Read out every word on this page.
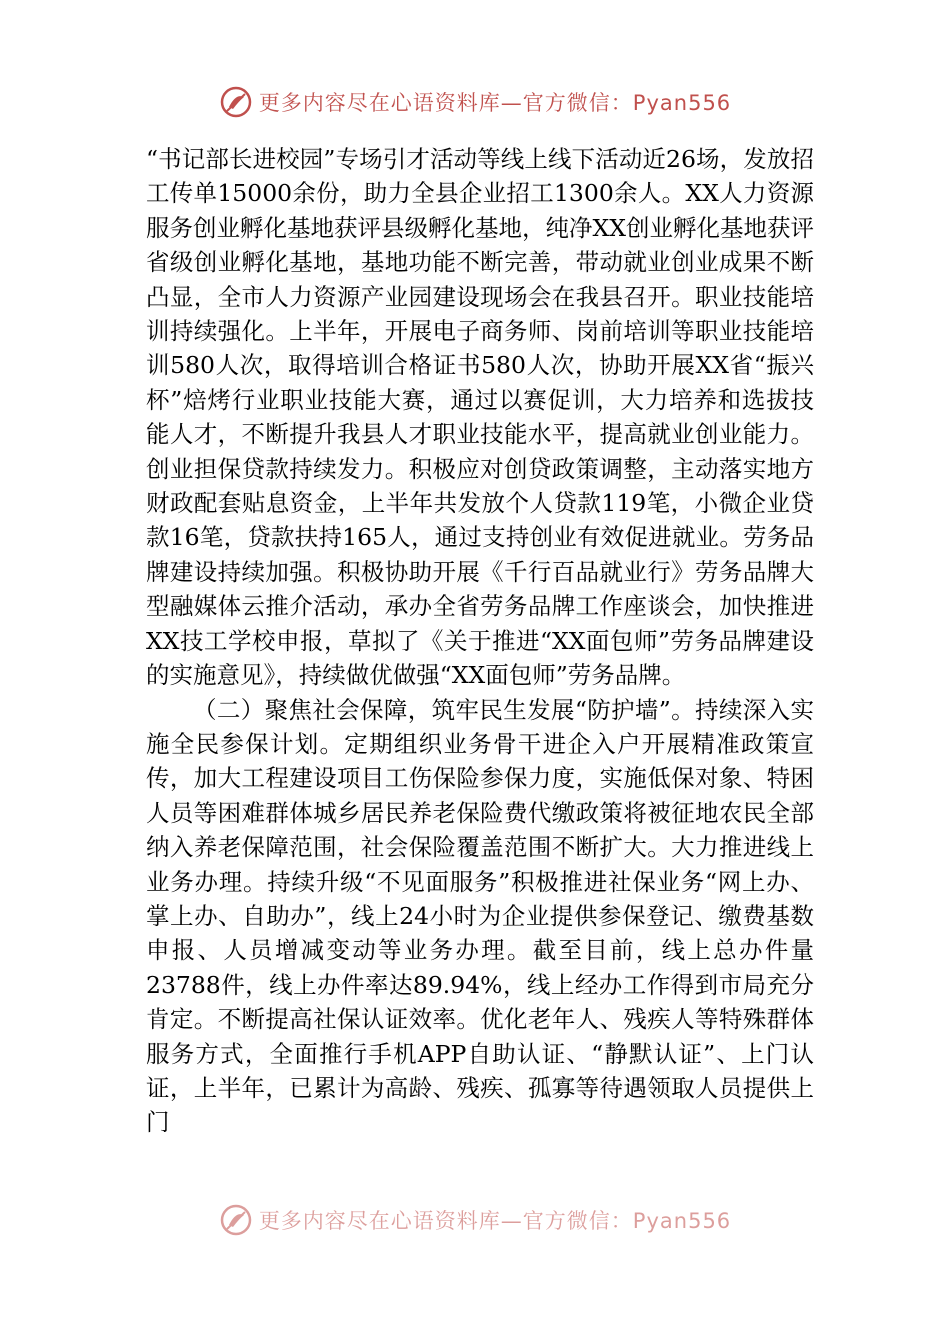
更多内容尽在心语资料库—官方微信：Pyan556

“书记部长进校园”专场引才活动等线上线下活动近26场，发放招工传单15000余份，助力全县企业招工1300余人。XX人力资源服务创业孵化基地获评县级孵化基地，纯净XX创业孵化基地获评省级创业孵化基地，基地功能不断完善，带动就业创业成果不断凸显，全市人力资源产业园建设现场会在我县召开。职业技能培训持续强化。上半年，开展电子商务师、岗前培训等职业技能培训580人次，取得培训合格证书580人次，协助开展XX省“振兴杯”焙烤行业职业技能大赛，通过以赛促训，大力培养和选拔技能人才，不断提升我县人才职业技能水平，提高就业创业能力。创业担保贷款持续发力。积极应对创贷政策调整，主动落实地方财政配套贴息资金，上半年共发放个人贷款119笔，小微企业贷款16笔，贷款扶持165人，通过支持创业有效促进就业。劳务品牌建设持续加强。积极协助开展《千行百品就业行》劳务品牌大型融媒体云推介活动，承办全省劳务品牌工作座谈会，加快推进XX技工学校申报，草拟了《关于推进“XX面包师”劳务品牌建设的实施意见》，持续做优做强“XX面包师”劳务品牌。

（二）聚焦社会保障，筑牢民生发展“防护墙”。持续深入实施全民参保计划。定期组织业务骨干进企入户开展精准政策宣传，加大工程建设项目工伤保险参保力度，实施低保对象、特困人员等困难群体城乡居民养老保险费代缴政策将被征地农民全部纳入养老保障范围，社会保险覆盖范围不断扩大。大力推进线上业务办理。持续升级“不见面服务”积极推进社保业务“网上办、掌上办、自助办”，线上24小时为企业提供参保登记、缴费基数申报、人员增减变动等业务办理。截至目前，线上总办件量23788件，线上办件率达89.94%，线上经办工作得到市局充分肯定。不断提高社保认证效率。优化老年人、残疾人等特殊群体服务方式，全面推行手机APP自助认证、“静默认证”、上门认证，上半年，已累计为高龄、残疾、孤寡等待遇领取人员提供上门

更多内容尽在心语资料库—官方微信：Pyan556
